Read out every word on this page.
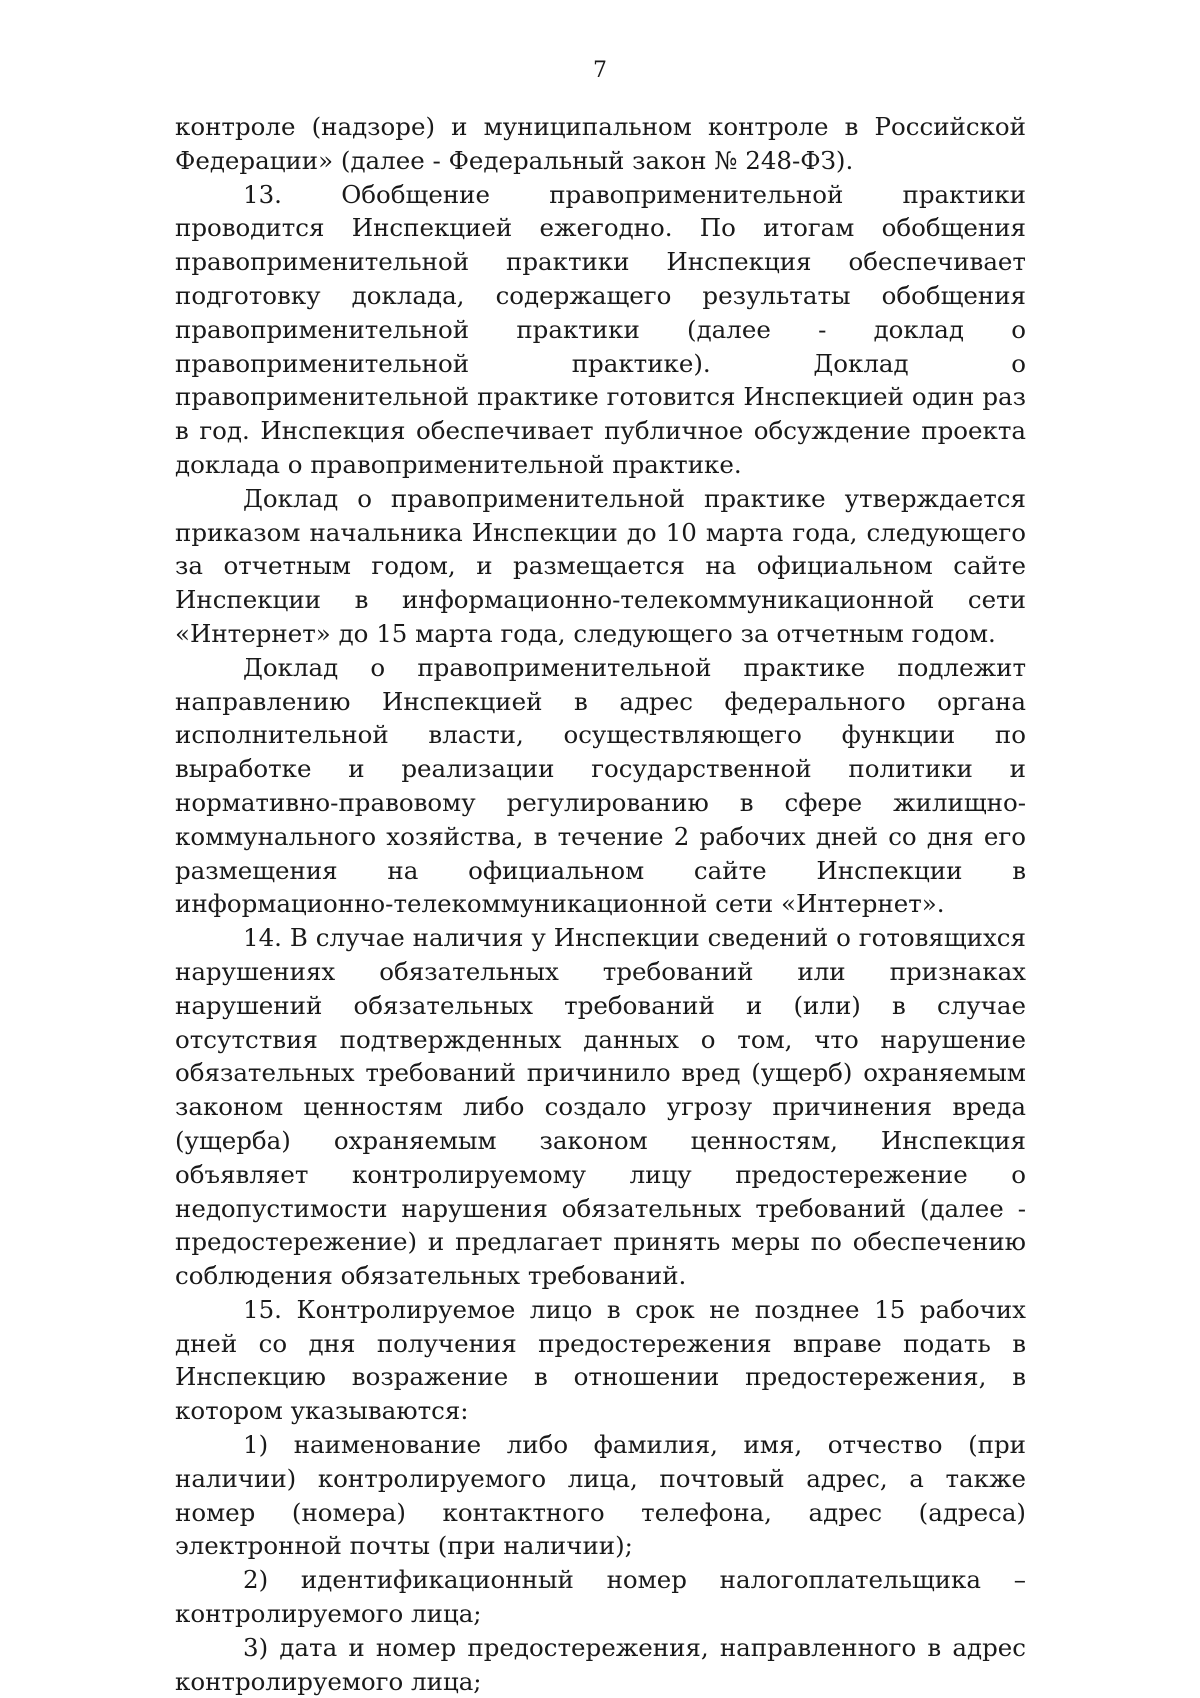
7

контроле (надзоре) и муниципальном контроле в Российской Федерации» (далее - Федеральный закон № 248-ФЗ).

13. Обобщение правоприменительной практики проводится Инспекцией ежегодно. По итогам обобщения правоприменительной практики Инспекция обеспечивает подготовку доклада, содержащего результаты обобщения правоприменительной практики (далее - доклад о правоприменительной практике). Доклад о правоприменительной практике готовится Инспекцией один раз в год. Инспекция обеспечивает публичное обсуждение проекта доклада о правоприменительной практике.

Доклад о правоприменительной практике утверждается приказом начальника Инспекции до 10 марта года, следующего за отчетным годом, и размещается на официальном сайте Инспекции в информационно-телекоммуникационной сети «Интернет» до 15 марта года, следующего за отчетным годом.

Доклад о правоприменительной практике подлежит направлению Инспекцией в адрес федерального органа исполнительной власти, осуществляющего функции по выработке и реализации государственной политики и нормативно-правовому регулированию в сфере жилищно-коммунального хозяйства, в течение 2 рабочих дней со дня его размещения на официальном сайте Инспекции в информационно-телекоммуникационной сети «Интернет».

14. В случае наличия у Инспекции сведений о готовящихся нарушениях обязательных требований или признаках нарушений обязательных требований и (или) в случае отсутствия подтвержденных данных о том, что нарушение обязательных требований причинило вред (ущерб) охраняемым законом ценностям либо создало угрозу причинения вреда (ущерба) охраняемым законом ценностям, Инспекция объявляет контролируемому лицу предостережение о недопустимости нарушения обязательных требований (далее - предостережение) и предлагает принять меры по обеспечению соблюдения обязательных требований.

15. Контролируемое лицо в срок не позднее 15 рабочих дней со дня получения предостережения вправе подать в Инспекцию возражение в отношении предостережения, в котором указываются:

1) наименование либо фамилия, имя, отчество (при наличии) контролируемого лица, почтовый адрес, а также номер (номера) контактного телефона, адрес (адреса) электронной почты (при наличии);

2) идентификационный номер налогоплательщика – контролируемого лица;

3) дата и номер предостережения, направленного в адрес контролируемого лица;
